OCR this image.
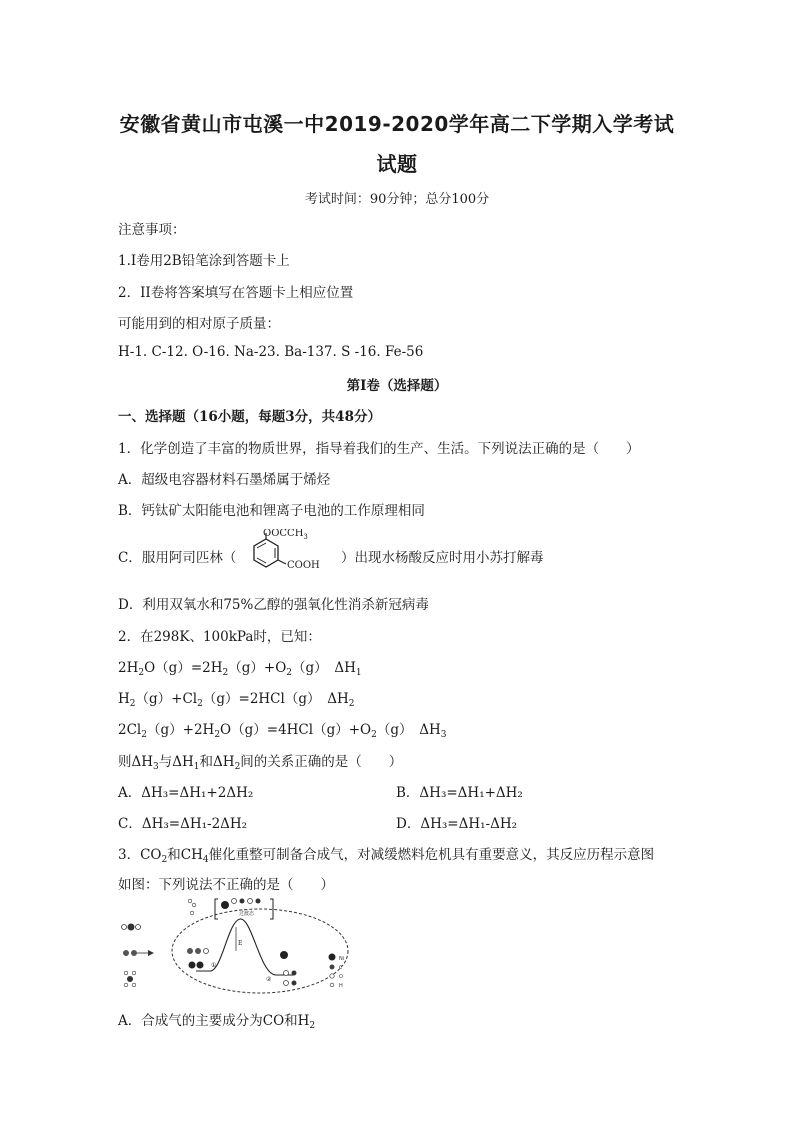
安徽省黄山市屯溪一中2019-2020学年高二下学期入学考试
试题
考试时间：90分钟；总分100分
注意事项：
1.I卷用2B铅笔涂到答题卡上
2．II卷将答案填写在答题卡上相应位置
可能用到的相对原子质量：
H-1. C-12. O-16. Na-23. Ba-137. S -16. Fe-56
第I卷（选择题）
一、选择题（16小题，每题3分，共48分）
1．化学创造了丰富的物质世界，指导着我们的生产、生活。下列说法正确的是（　　）
A．超级电容器材料石墨烯属于烯烃
B．钙钛矿太阳能电池和锂离子电池的工作原理相同
C．服用阿司匹林（
$OOCCH_3$
COOH ）出现水杨酸反应时用小苏打解毒
D．利用双氧水和75%乙醇的强氧化性消杀新冠病毒
2．在298K、100kPa时，已知：
$2H_2O(g)=2H_2(g)+O_2(g)$　$\Delta H_1$
$H_2(g)+Cl_2(g)=2HCl(g)$　$\Delta H_2$
$2Cl_2(g)+2H_2O(g)=4HCl(g)+O_2(g)$　$\Delta H_3$
则$\Delta H_3$与$\Delta H_1$和$\Delta H_2$间的关系正确的是（　　）
A．ΔH₃=ΔH₁+2ΔH₂	B．ΔH₃=ΔH₁+ΔH₂
C．ΔH₃=ΔH₁-2ΔH₂	D．ΔH₃=ΔH₁-ΔH₂
3．$CO_2$和$CH_4$催化重整可制备合成气，对减缓燃料危机具有重要意义，其反应历程示意图
如图：下列说法不正确的是（　　）
E
过渡态
①
②
Ni
C
O
H
A．合成气的主要成分为CO和$H_2$
